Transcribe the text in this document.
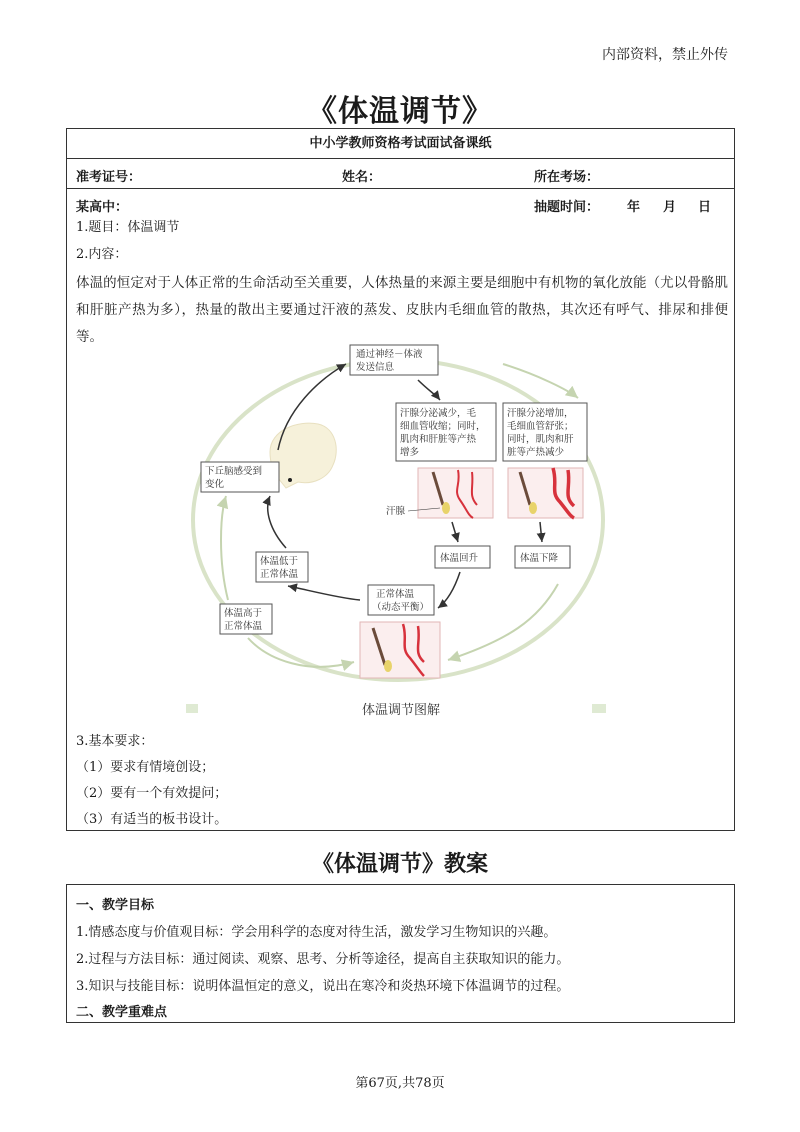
内部资料，禁止外传
《体温调节》
中小学教师资格考试面试备课纸
准考证号：	姓名：	所在考场：
某高中：	抽题时间： 年 月 日
1.题目：体温调节
2.内容：
体温的恒定对于人体正常的生命活动至关重要，人体热量的来源主要是细胞中有机物的氧化放能（尤以骨骼肌和肝脏产热为多），热量的散出主要通过汗液的蒸发、皮肤内毛细血管的散热，其次还有呼气、排尿和排便等。
3.基本要求：
（1）要求有情境创设；
（2）要有一个有效提问；
（3）有适当的板书设计。
通过神经－体液
发送信息
下丘脑感受到
变化
汗腺分泌减少，毛
细血管收缩；同时，
肌肉和肝脏等产热
增多
汗腺分泌增加，
毛细血管舒张；
同时，肌肉和肝
脏等产热减少
汗腺
体温回升	体温下降
正常体温
（动态平衡）
体温低于
正常体温
体温高于
正常体温
体温调节图解
《体温调节》教案
一、教学目标
1.情感态度与价值观目标：学会用科学的态度对待生活，激发学习生物知识的兴趣。
2.过程与方法目标：通过阅读、观察、思考、分析等途径，提高自主获取知识的能力。
3.知识与技能目标：说明体温恒定的意义，说出在寒冷和炎热环境下体温调节的过程。
二、教学重难点
第67页,共78页
